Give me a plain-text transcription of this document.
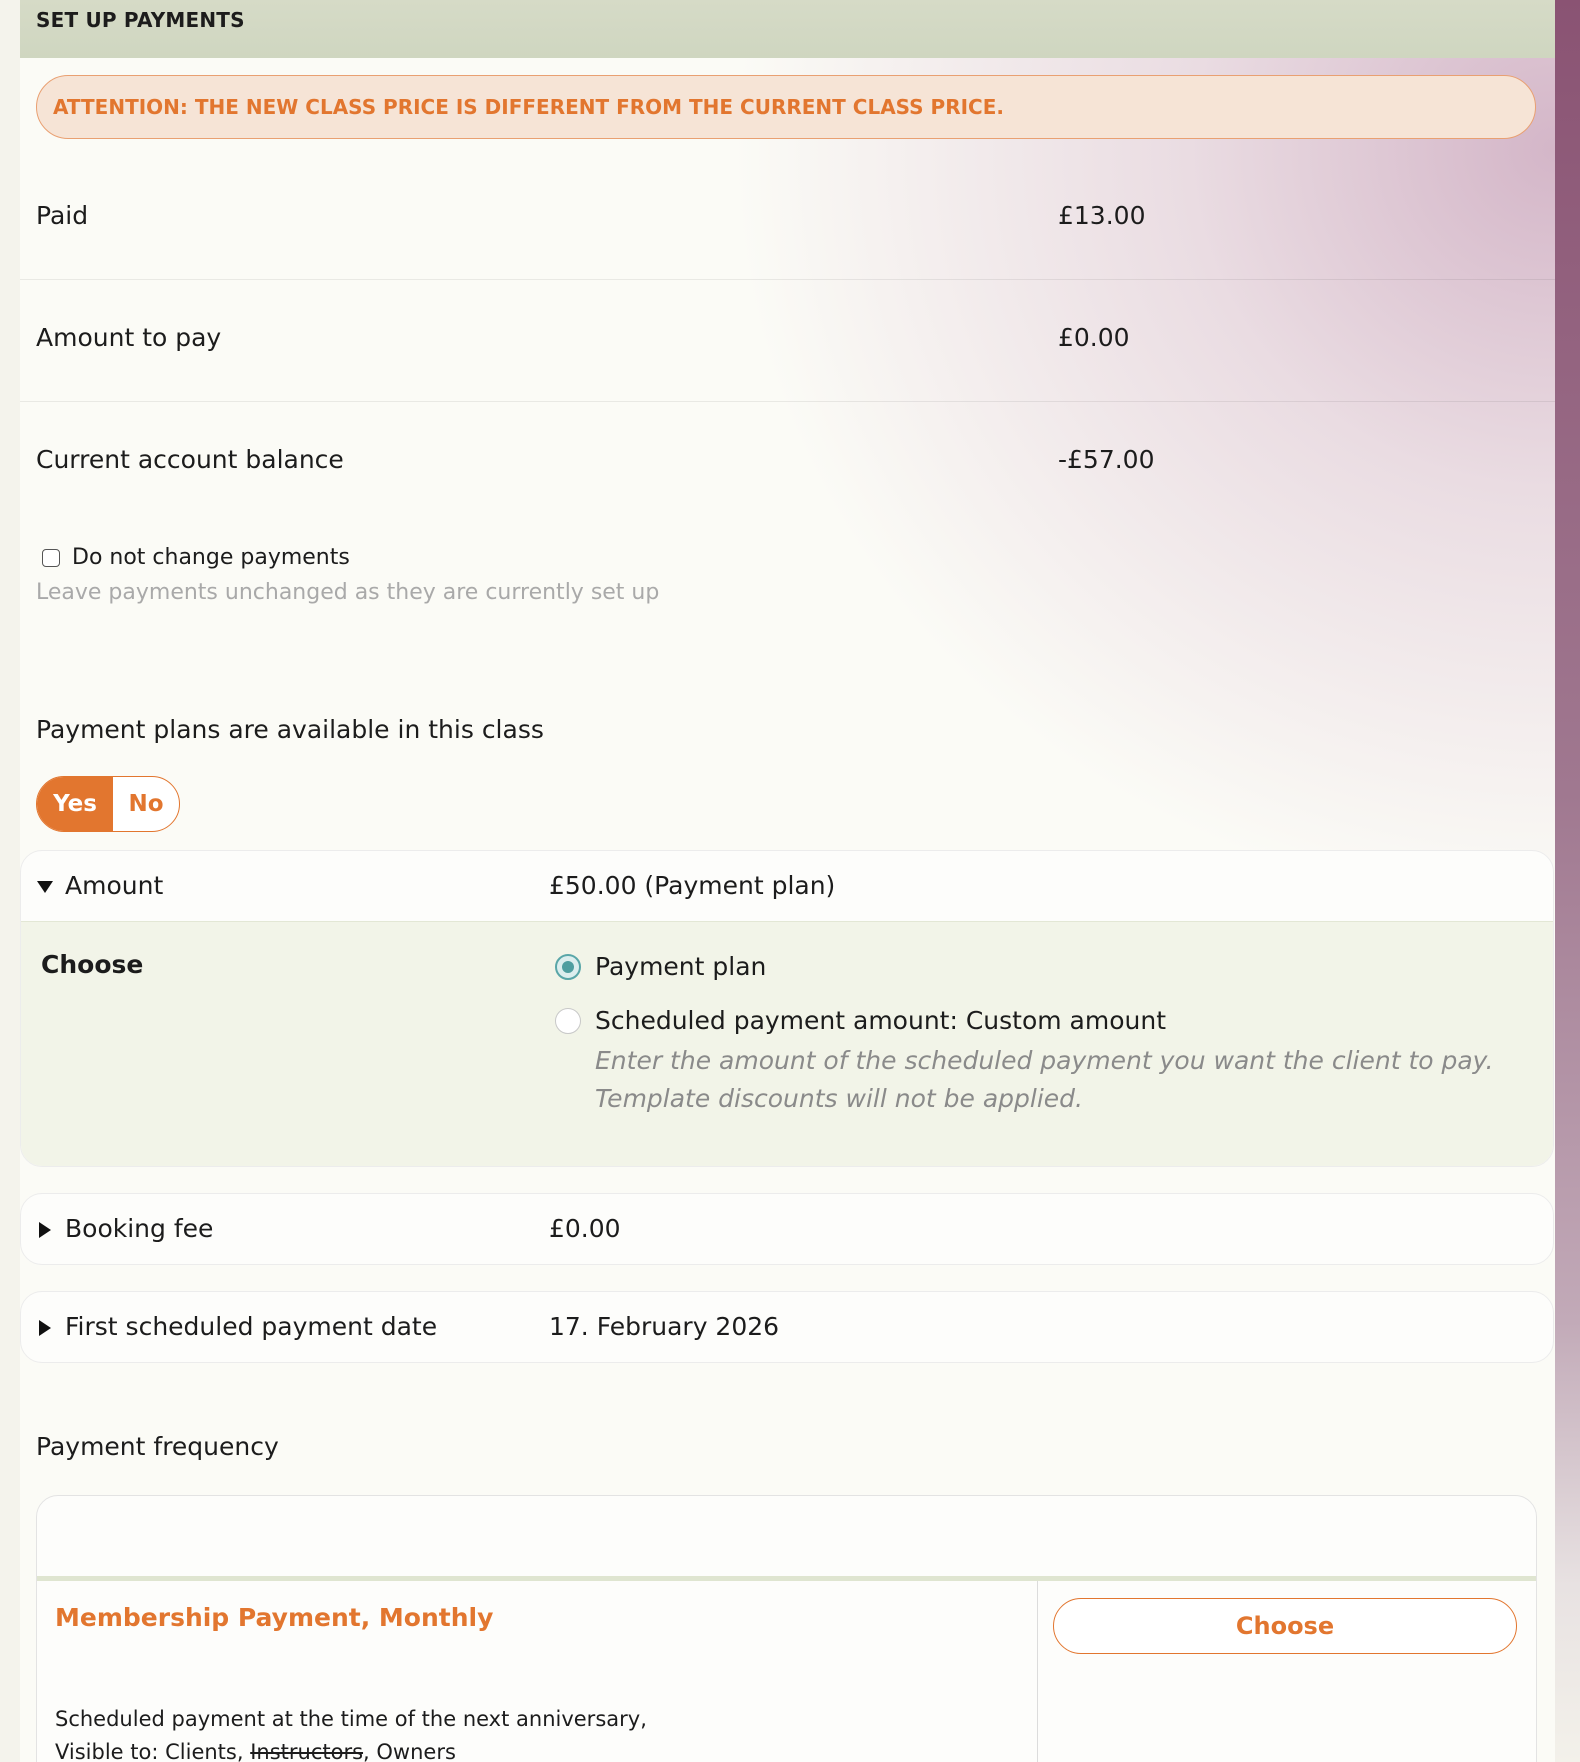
SET UP PAYMENTS
ATTENTION: THE NEW CLASS PRICE IS DIFFERENT FROM THE CURRENT CLASS PRICE.
Paid	£13.00
Amount to pay	£0.00
Current account balance	-£57.00
Do not change payments
Leave payments unchanged as they are currently set up
Payment plans are available in this class
Yes	No
Amount	£50.00 (Payment plan)
Choose	Payment plan
Scheduled payment amount: Custom amount
Enter the amount of the scheduled payment you want the client to pay.
Template discounts will not be applied.
Booking fee	£0.00
First scheduled payment date	17. February 2026
Payment frequency
Membership Payment, Monthly
Scheduled payment at the time of the next anniversary,
Visible to: Clients, Instructors, Owners
Choose
